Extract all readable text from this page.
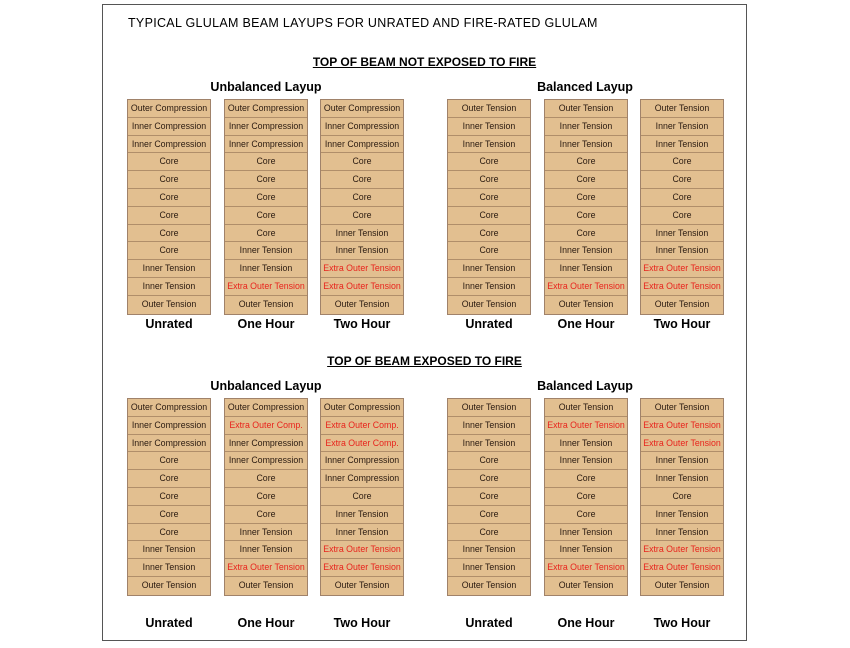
TYPICAL GLULAM BEAM LAYUPS FOR UNRATED AND FIRE-RATED GLULAM
TOP OF BEAM NOT EXPOSED TO FIRE
Unbalanced Layup
Outer Compression
Inner Compression
Inner Compression
Core
Core
Core
Core
Core
Core
Inner Tension
Inner Tension
Outer Tension
Unrated
Outer Compression
Inner Compression
Inner Compression
Core
Core
Core
Core
Core
Inner Tension
Inner Tension
Extra Outer Tension
Outer Tension
One Hour
Outer Compression
Inner Compression
Inner Compression
Core
Core
Core
Core
Inner Tension
Inner Tension
Extra Outer Tension
Extra Outer Tension
Outer Tension
Two Hour
Balanced Layup
Outer Tension
Inner Tension
Inner Tension
Core
Core
Core
Core
Core
Core
Inner Tension
Inner Tension
Outer Tension
Unrated
Outer Tension
Inner Tension
Inner Tension
Core
Core
Core
Core
Core
Inner Tension
Inner Tension
Extra Outer Tension
Outer Tension
One Hour
Outer Tension
Inner Tension
Inner Tension
Core
Core
Core
Core
Inner Tension
Inner Tension
Extra Outer Tension
Extra Outer Tension
Outer Tension
Two Hour
TOP OF BEAM EXPOSED TO FIRE
Unbalanced Layup
Outer Compression
Inner Compression
Inner Compression
Core
Core
Core
Core
Core
Inner Tension
Inner Tension
Outer Tension
Unrated
Outer Compression
Extra Outer Comp.
Inner Compression
Inner Compression
Core
Core
Core
Inner Tension
Inner Tension
Extra Outer Tension
Outer Tension
One Hour
Outer Compression
Extra Outer Comp.
Extra Outer Comp.
Inner Compression
Inner Compression
Core
Inner Tension
Inner Tension
Extra Outer Tension
Extra Outer Tension
Outer Tension
Two Hour
Balanced Layup
Outer Tension
Inner Tension
Inner Tension
Core
Core
Core
Core
Core
Inner Tension
Inner Tension
Outer Tension
Unrated
Outer Tension
Extra Outer Tension
Inner Tension
Inner Tension
Core
Core
Core
Inner Tension
Inner Tension
Extra Outer Tension
Outer Tension
One Hour
Outer Tension
Extra Outer Tension
Extra Outer Tension
Inner Tension
Inner Tension
Core
Inner Tension
Inner Tension
Extra Outer Tension
Extra Outer Tension
Outer Tension
Two Hour
